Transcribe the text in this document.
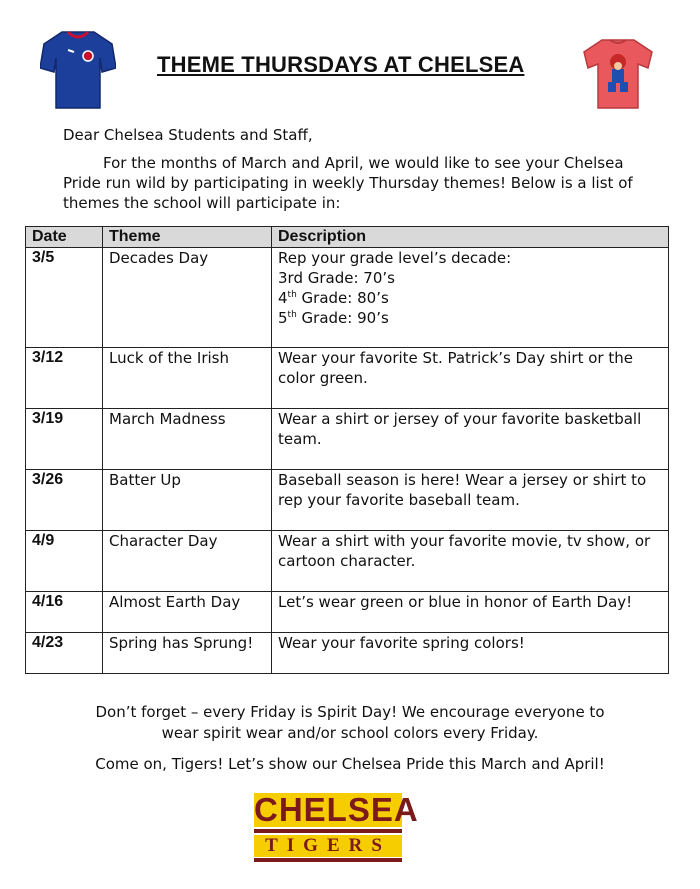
THEME THURSDAYS AT CHELSEA
Dear Chelsea Students and Staff,
For the months of March and April, we would like to see your Chelsea Pride run wild by participating in weekly Thursday themes! Below is a list of themes the school will participate in:
Date	Theme	Description
3/5	Decades Day	Rep your grade level’s decade:
3rd Grade: 70’s
4th Grade: 80’s
5th Grade: 90’s

3/12	Luck of the Irish	Wear your favorite St. Patrick’s Day shirt or the color green.
3/19	March Madness	Wear a shirt or jersey of your favorite basketball team.
3/26	Batter Up	Baseball season is here! Wear a jersey or shirt to rep your favorite baseball team.
4/9	Character Day	Wear a shirt with your favorite movie, tv show, or cartoon character.
4/16	Almost Earth Day	Let’s wear green or blue in honor of Earth Day!
4/23	Spring has Sprung!	Wear your favorite spring colors!
Don’t forget – every Friday is Spirit Day! We encourage everyone to
wear spirit wear and/or school colors every Friday.
Come on, Tigers! Let’s show our Chelsea Pride this March and April!
CHELSEA
TIGERS
